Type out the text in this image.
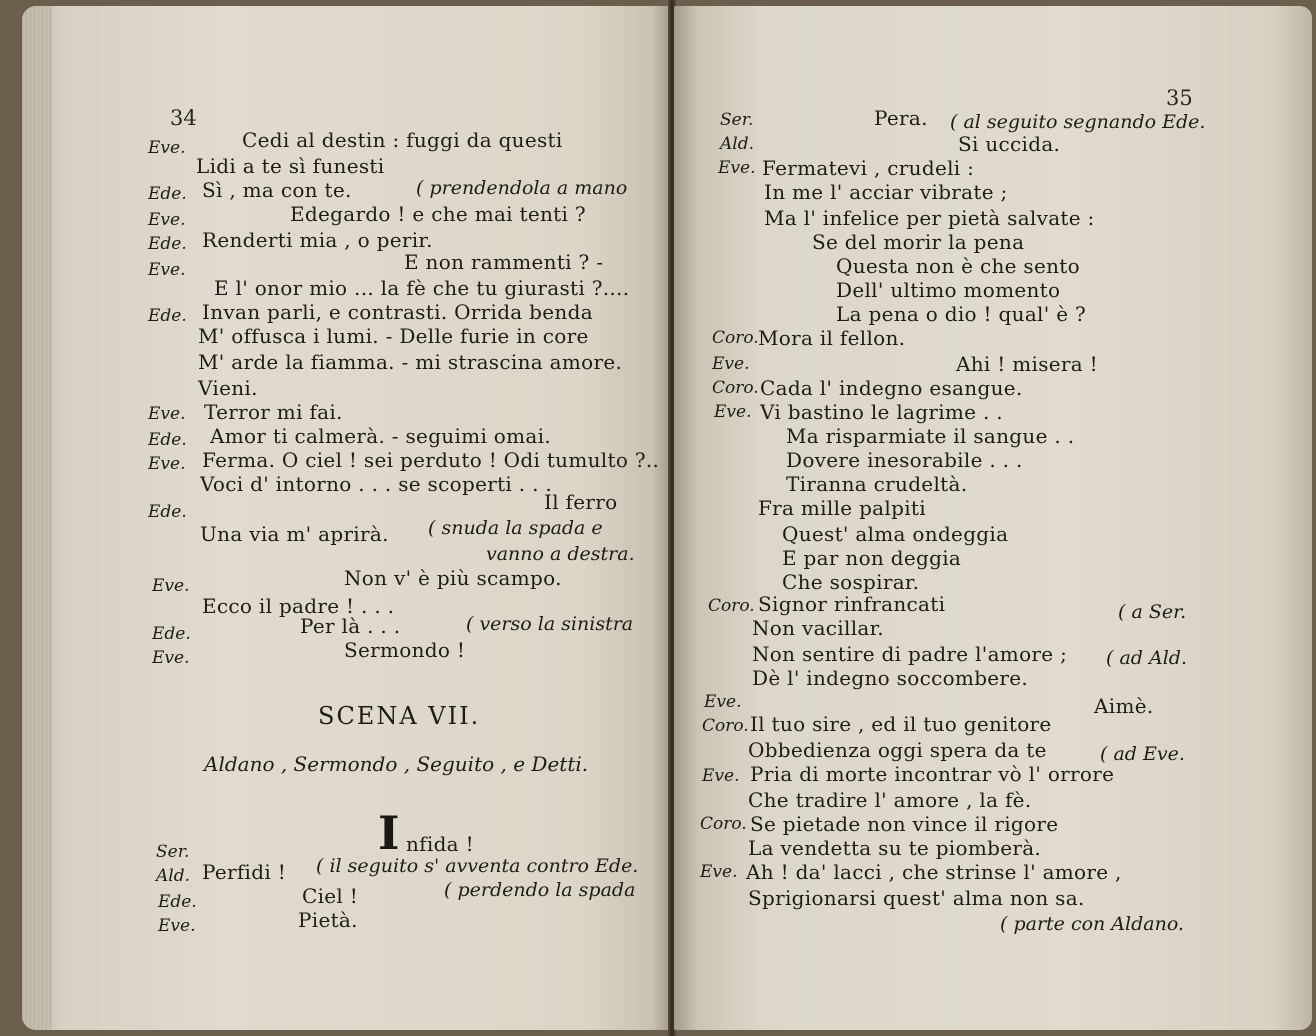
34
Eve.	Cedi al destin : fuggi da questi
Lidi a te sì funesti
Ede. Sì , ma con te.	( prendendola a mano
Eve.	Edegardo ! e che mai tenti ?
Ede. Renderti mia , o perir.
Eve.	E non rammenti ? -
E l' onor mio ... la fè che tu giurasti ?....
Ede. Invan parli, e contrasti. Orrida benda
M' offusca i lumi. - Delle furie in core
M' arde la fiamma. - mi strascina amore.
Vieni.
Eve. Terror mi fai.
Ede. Amor ti calmerà. - seguimi omai.
Eve. Ferma. O ciel ! sei perduto ! Odi tumulto ?..
Voci d' intorno . . . se scoperti . . .
Ede.	Il ferro
Una via m' aprirà. ( snuda la spada e
vanno a destra.
Eve.	Non v' è più scampo.
Ecco il padre ! . . .
Ede.	Per là . . .	( verso la sinistra
Eve.	Sermondo !
SCENA VII.
Aldano , Sermondo , Seguito , e Detti.
Ser.	I nfida !
Ald. Perfidi ! ( il seguito s' avventa contro Ede.
Ede.	Ciel !	( perdendo la spada
Eve.	Pietà.
35
Ser.	Pera. ( al seguito segnando Ede.
Ald.	Si uccida.
Eve. Fermatevi , crudeli :
In me l' acciar vibrate ;
Ma l' infelice per pietà salvate :
Se del morir la pena
Questa non è che sento
Dell' ultimo momento
La pena o dio ! qual' è ?
Coro. Mora il fellon.
Eve.	Ahi ! misera !
Coro. Cada l' indegno esangue.
Eve. Vi bastino le lagrime . .
Ma risparmiate il sangue . .
Dovere inesorabile . . .
Tiranna crudeltà.
Fra mille palpiti
Quest' alma ondeggia
E par non deggia
Che sospirar.
Coro. Signor rinfrancati	( a Ser.
Non vacillar.
Non sentire di padre l'amore ; ( ad Ald.
Dè l' indegno soccombere.
Eve.	Aimè.
Coro. Il tuo sire , ed il tuo genitore
Obbedienza oggi spera da te	( ad Eve.
Eve. Pria di morte incontrar vò l' orrore
Che tradire l' amore , la fè.
Coro. Se pietade non vince il rigore
La vendetta su te piomberà.
Eve. Ah ! da' lacci , che strinse l' amore ,
Sprigionarsi quest' alma non sa.
( parte con Aldano.
